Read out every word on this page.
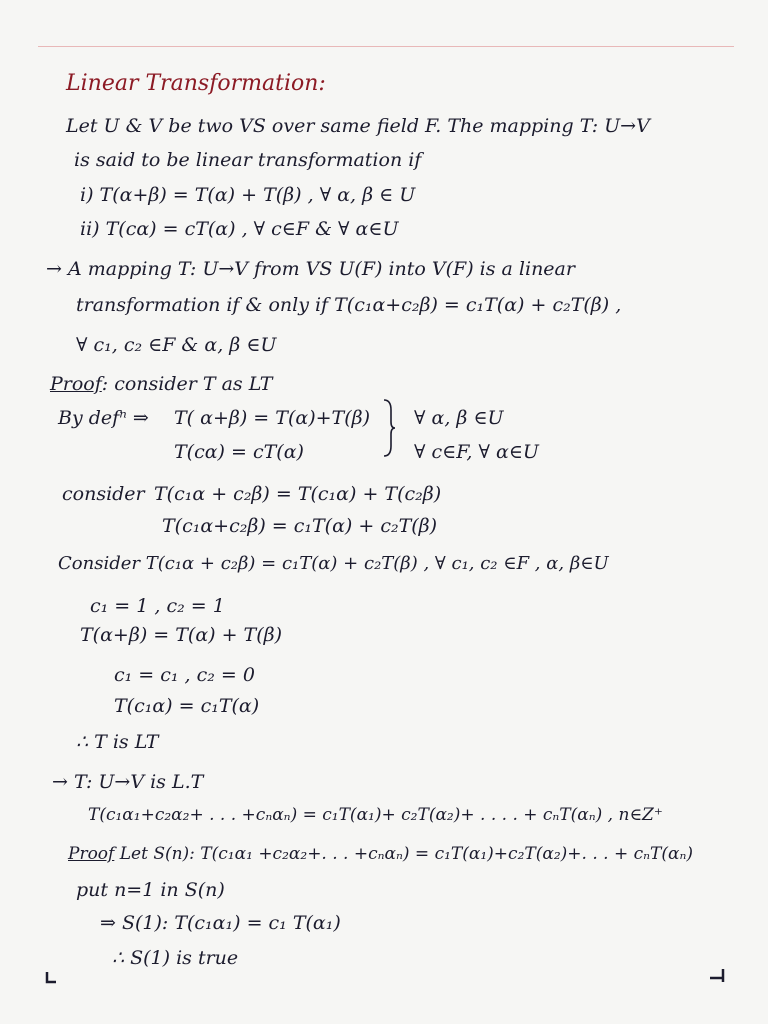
Linear Transformation:
Let U & V be two VS over same field F. The mapping T: U→V
is said to be linear transformation if
i) T(α+β) = T(α) + T(β) , ∀ α, β ∈ U
ii) T(cα) = cT(α) , ∀ c∈F & ∀ α∈U
→ A mapping T: U→V from VS U(F) into V(F) is a linear
transformation if & only if T(c₁α+c₂β) = c₁T(α) + c₂T(β) ,
∀ c₁, c₂ ∈F & α, β ∈U
Proof: consider T as LT
By defⁿ ⇒ T( α+β) = T(α)+T(β)
T(cα) = cT(α)
∀ α, β ∈U
∀ c∈F, ∀ α∈U
consider T(c₁α + c₂β) = T(c₁α) + T(c₂β)
T(c₁α+c₂β) = c₁T(α) + c₂T(β)
Consider T(c₁α + c₂β) = c₁T(α) + c₂T(β) , ∀ c₁, c₂ ∈F , α, β∈U
c₁ = 1 , c₂ = 1
T(α+β) = T(α) + T(β)
c₁ = c₁ , c₂ = 0
T(c₁α) = c₁T(α)
∴ T is LT
→ T: U→V is L.T
T(c₁α₁+c₂α₂+ . . . +cₙαₙ) = c₁T(α₁)+ c₂T(α₂)+ . . . . + cₙT(αₙ) , n∈Z⁺
Proof Let S(n): T(c₁α₁ +c₂α₂+. . . +cₙαₙ) = c₁T(α₁)+c₂T(α₂)+. . . + cₙT(αₙ)
put n=1 in S(n)
⇒ S(1): T(c₁α₁) = c₁ T(α₁)
∴ S(1) is true
